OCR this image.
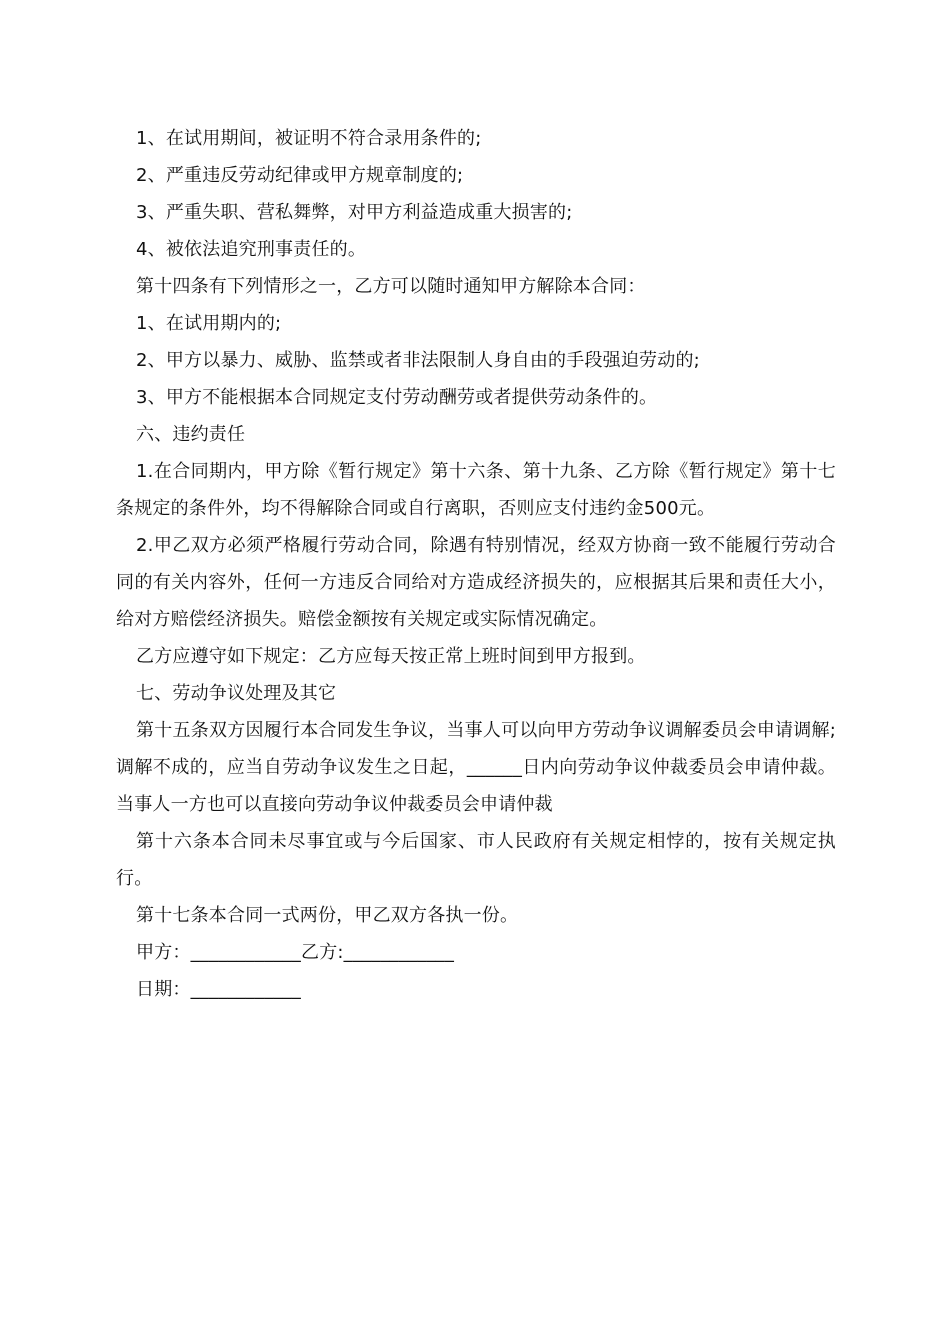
1、在试用期间，被证明不符合录用条件的;

2、严重违反劳动纪律或甲方规章制度的;

3、严重失职、营私舞弊，对甲方利益造成重大损害的;

4、被依法追究刑事责任的。

第十四条有下列情形之一，乙方可以随时通知甲方解除本合同：

1、在试用期内的;

2、甲方以暴力、威胁、监禁或者非法限制人身自由的手段强迫劳动的;

3、甲方不能根据本合同规定支付劳动酬劳或者提供劳动条件的。

六、违约责任

1.在合同期内，甲方除《暂行规定》第十六条、第十九条、乙方除《暂行规定》第十七条规定的条件外，均不得解除合同或自行离职，否则应支付违约金500元。

2.甲乙双方必须严格履行劳动合同，除遇有特别情况，经双方协商一致不能履行劳动合同的有关内容外，任何一方违反合同给对方造成经济损失的，应根据其后果和责任大小，给对方赔偿经济损失。赔偿金额按有关规定或实际情况确定。

乙方应遵守如下规定：乙方应每天按正常上班时间到甲方报到。

七、劳动争议处理及其它

第十五条双方因履行本合同发生争议，当事人可以向甲方劳动争议调解委员会申请调解;调解不成的，应当自劳动争议发生之日起，______日内向劳动争议仲裁委员会申请仲裁。当事人一方也可以直接向劳动争议仲裁委员会申请仲裁

第十六条本合同未尽事宜或与今后国家、市人民政府有关规定相悖的，按有关规定执行。

第十七条本合同一式两份，甲乙双方各执一份。

甲方：____________乙方:____________

日期：____________
